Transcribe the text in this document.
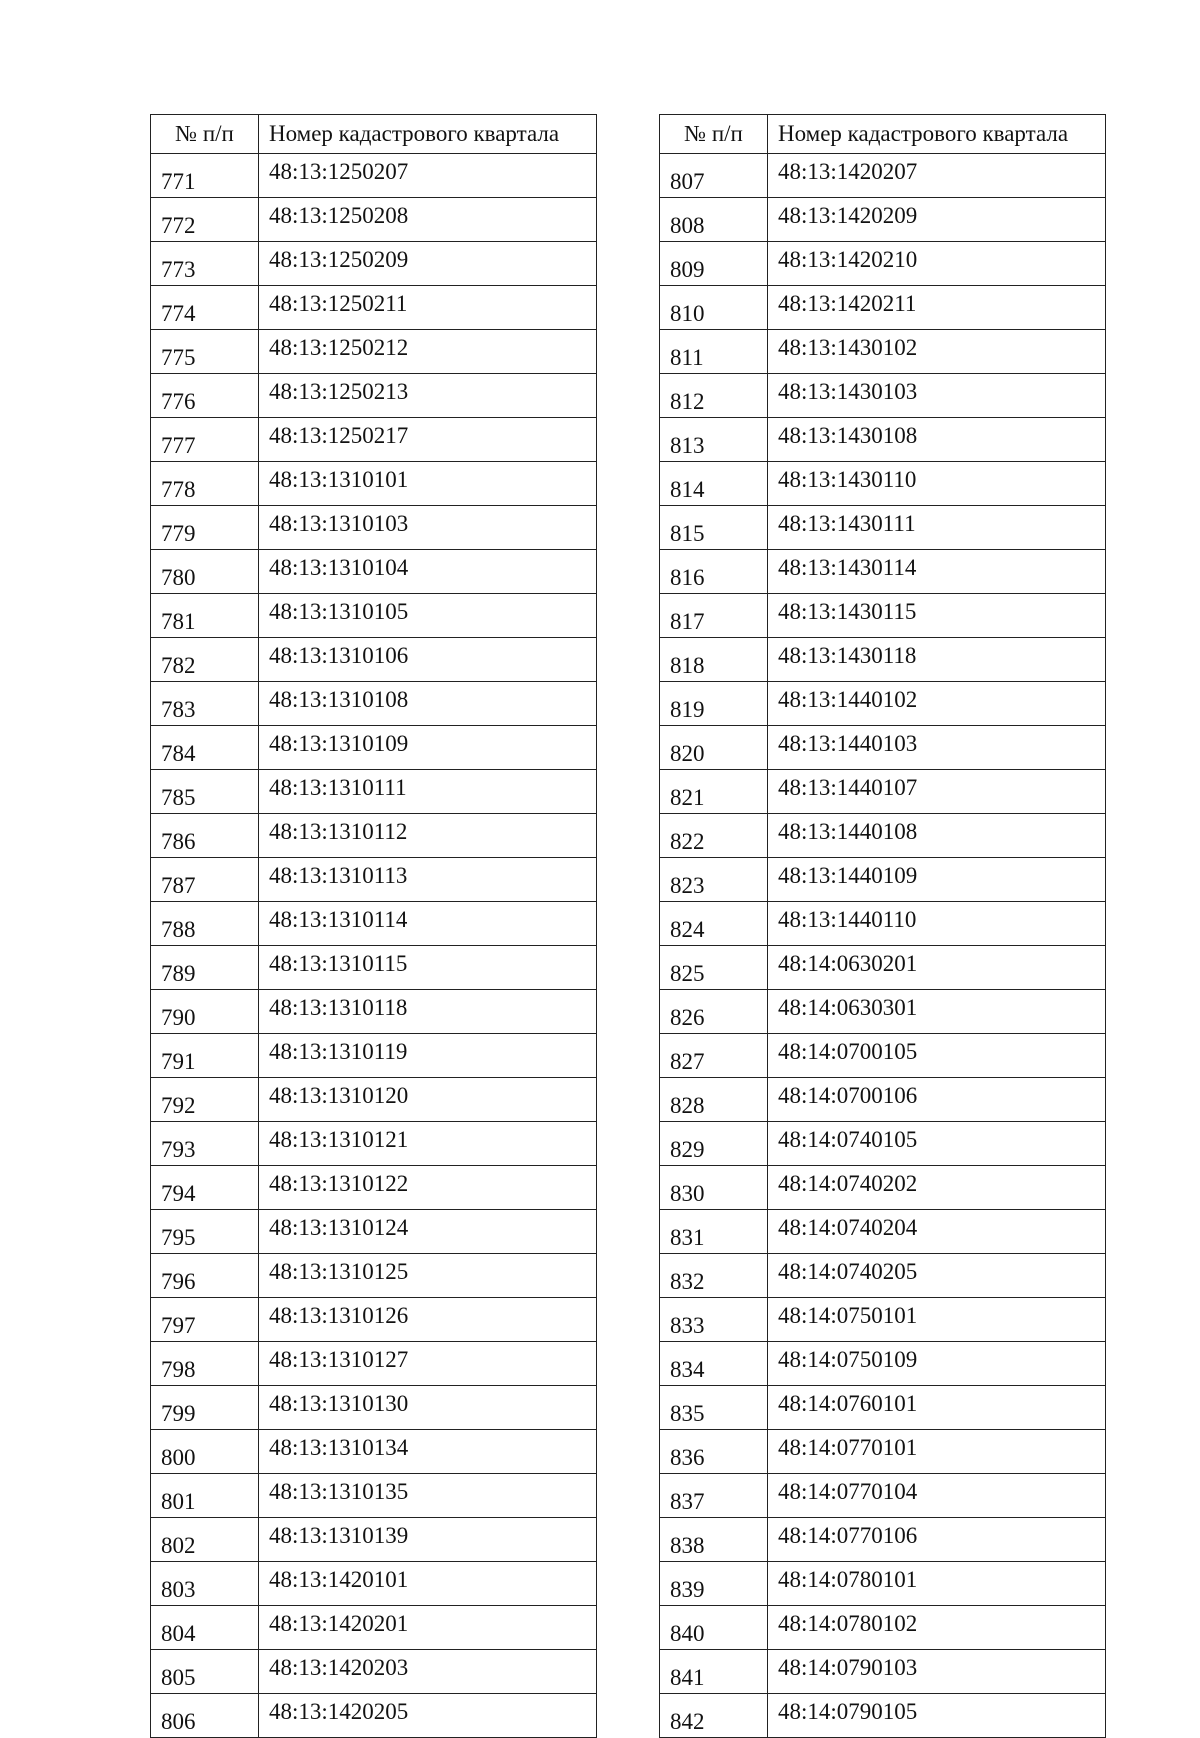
№ п/п	Номер кадастрового квартала
771	48:13:1250207
772	48:13:1250208
773	48:13:1250209
774	48:13:1250211
775	48:13:1250212
776	48:13:1250213
777	48:13:1250217
778	48:13:1310101
779	48:13:1310103
780	48:13:1310104
781	48:13:1310105
782	48:13:1310106
783	48:13:1310108
784	48:13:1310109
785	48:13:1310111
786	48:13:1310112
787	48:13:1310113
788	48:13:1310114
789	48:13:1310115
790	48:13:1310118
791	48:13:1310119
792	48:13:1310120
793	48:13:1310121
794	48:13:1310122
795	48:13:1310124
796	48:13:1310125
797	48:13:1310126
798	48:13:1310127
799	48:13:1310130
800	48:13:1310134
801	48:13:1310135
802	48:13:1310139
803	48:13:1420101
804	48:13:1420201
805	48:13:1420203
806	48:13:1420205
№ п/п	Номер кадастрового квартала
807	48:13:1420207
808	48:13:1420209
809	48:13:1420210
810	48:13:1420211
811	48:13:1430102
812	48:13:1430103
813	48:13:1430108
814	48:13:1430110
815	48:13:1430111
816	48:13:1430114
817	48:13:1430115
818	48:13:1430118
819	48:13:1440102
820	48:13:1440103
821	48:13:1440107
822	48:13:1440108
823	48:13:1440109
824	48:13:1440110
825	48:14:0630201
826	48:14:0630301
827	48:14:0700105
828	48:14:0700106
829	48:14:0740105
830	48:14:0740202
831	48:14:0740204
832	48:14:0740205
833	48:14:0750101
834	48:14:0750109
835	48:14:0760101
836	48:14:0770101
837	48:14:0770104
838	48:14:0770106
839	48:14:0780101
840	48:14:0780102
841	48:14:0790103
842	48:14:0790105
